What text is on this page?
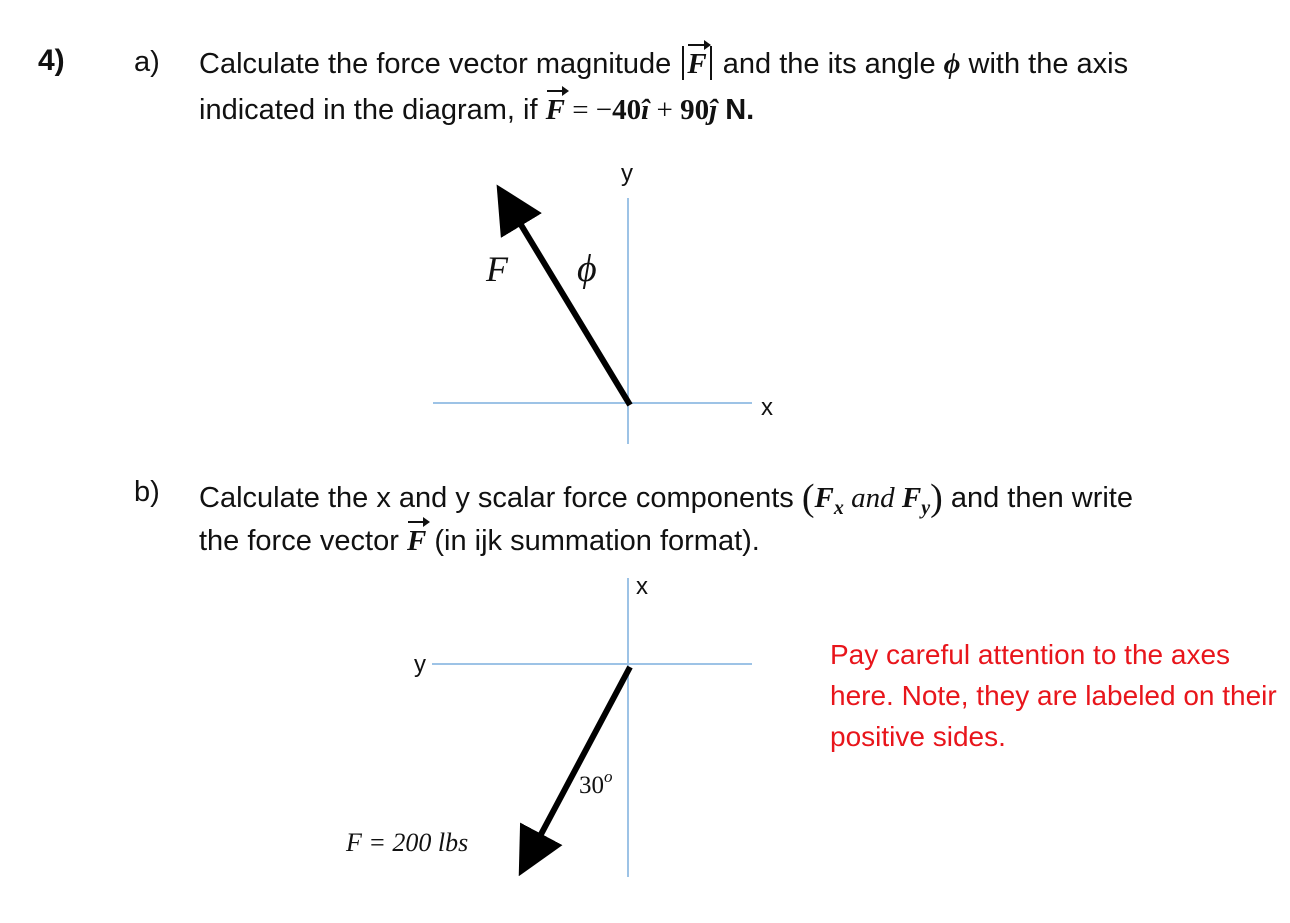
4) a) Calculate the force vector magnitude F and the its angle ϕ with the axis
indicated in the diagram, if F = −40î + 90ĵ N.
b) Calculate the x and y scalar force components ($F_x$ and $F_y$) and then write
the force vector F (in ijk summation format).
Pay careful attention to the axes here. Note, they are labeled on their positive sides.
y
x
F ϕ
x
y
30$^o$
F = 200 lbs
